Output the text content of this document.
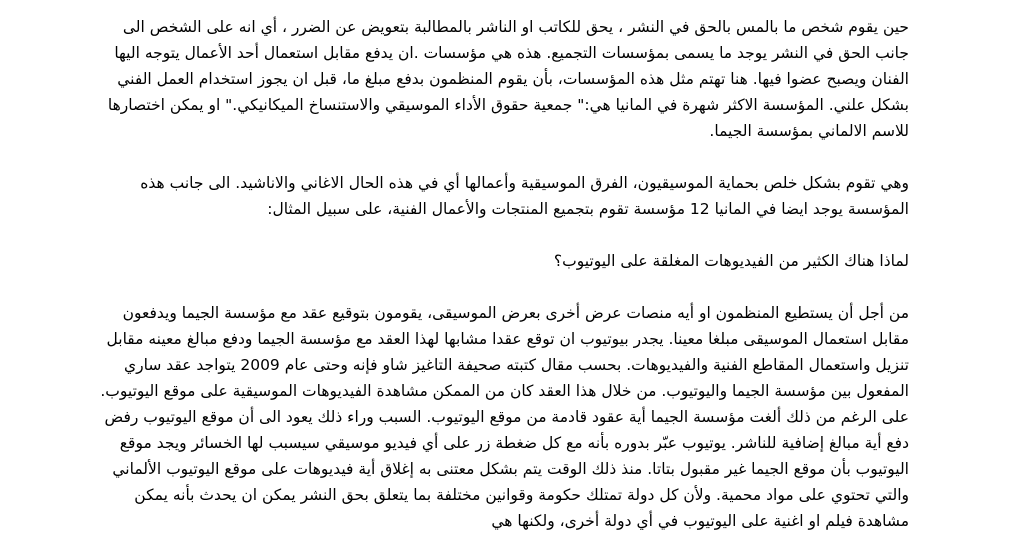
حين يقوم شخص ما بالمس بالحق في النشر ، يحق للكاتب او الناشر بالمطالبة بتعويض عن الضرر ، أي انه على الشخص الى جانب الحق في النشر يوجد ما يسمى بمؤسسات التجميع. هذه هي مؤسسات .ان يدفع مقابل استعمال أحد الأعمال يتوجه اليها الفنان ويصبح عضوا فيها. هنا تهتم مثل هذه المؤسسات، بأن يقوم المنظمون بدفع مبلغ ما، قبل ان يجوز استخدام العمل الفني بشكل علني. المؤسسة الاكثر شهرة في المانيا هي:" جمعية حقوق الأداء الموسيقي والاستنساخ الميكانيكي." او يمكن اختصارها للاسم الالماني بمؤسسة الجيما.

وهي تقوم بشكل خلص بحماية الموسيقيون، الفرق الموسيقية وأعمالها أي في هذه الحال الاغاني والاناشيد. الى جانب هذه المؤسسة يوجد ايضا في المانيا 12 مؤسسة تقوم بتجميع المنتجات والأعمال الفنية، على سبيل المثال:

لماذا هناك الكثير من الفيديوهات المغلقة على اليوتيوب؟

من أجل أن يستطيع المنظمون او أيه منصات عرض أخرى بعرض الموسيقى، يقومون بتوقيع عقد مع مؤسسة الجيما ويدفعون مقابل استعمال الموسيقى مبلغا معينا. يجدر بيوتيوب ان توقع عقدا مشابها لهذا العقد مع مؤسسة الجيما ودفع مبالغ معينه مقابل تنزيل واستعمال المقاطع الفنية والفيديوهات. بحسب مقال كتبته صحيفة التاغيز شاو فإنه وحتى عام 2009 يتواجد عقد ساري المفعول بين مؤسسة الجيما واليوتيوب. من خلال هذا العقد كان من الممكن مشاهدة الفيديوهات الموسيقية على موقع اليوتيوب. على الرغم من ذلك ألغت مؤسسة الجيما أية عقود قادمة من موقع اليوتيوب. السبب وراء ذلك يعود الى أن موقع اليوتيوب رفض دفع أية مبالغ إضافية للناشر. يوتيوب عبّر بدوره بأنه مع كل ضغطة زر على أي فيديو موسيقي سيسبب لها الخسائر ويجد موقع اليوتيوب بأن موقع الجيما غير مقبول بتاتا. منذ ذلك الوقت يتم بشكل معتنى به إغلاق أية فيديوهات على موقع اليوتيوب الألماني والتي تحتوي على مواد محمية. ولأن كل دولة تمتلك حكومة وقوانين مختلفة بما يتعلق بحق النشر يمكن ان يحدث بأنه يمكن مشاهدة فيلم او اغنية على اليوتيوب في أي دولة أخرى، ولكنها هي
